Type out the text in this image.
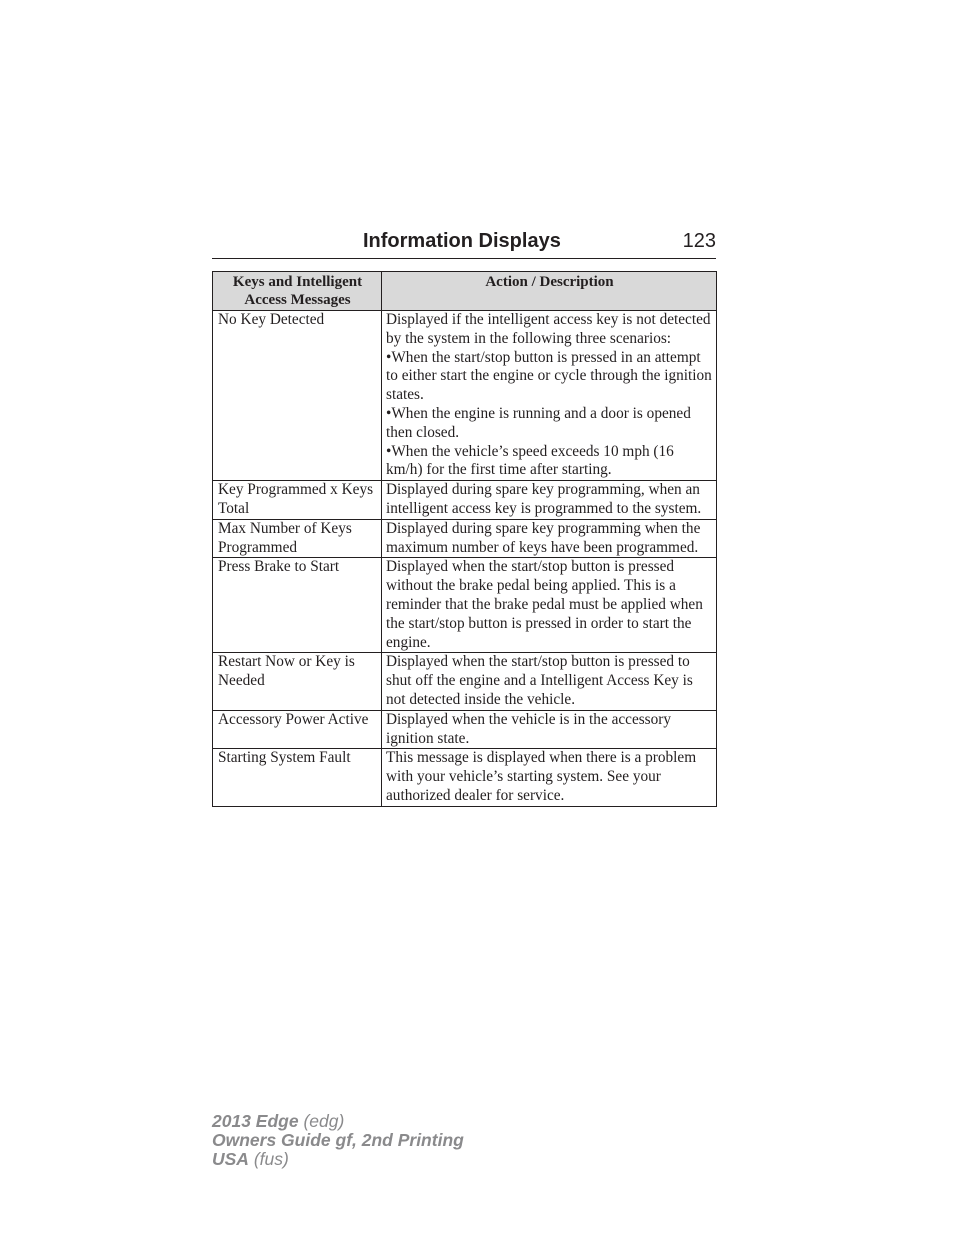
Information Displays	123
Keys and Intelligent
Access Messages	Action / Description
No Key Detected	Displayed if the intelligent access key is not detected by the system in the following three scenarios:
•When the start/stop button is pressed in an attempt to either start the engine or cycle through the ignition states.
•When the engine is running and a door is opened then closed.
•When the vehicle’s speed exceeds 10 mph (16 km/h) for the first time after starting.

Key Programmed x Keys Total	Displayed during spare key programming, when an intelligent access key is programmed to the system.
Max Number of Keys Programmed	Displayed during spare key programming when the maximum number of keys have been programmed.
Press Brake to Start	Displayed when the start/stop button is pressed without the brake pedal being applied. This is a reminder that the brake pedal must be applied when the start/stop button is pressed in order to start the engine.
Restart Now or Key is Needed	Displayed when the start/stop button is pressed to shut off the engine and a Intelligent Access Key is not detected inside the vehicle.
Accessory Power Active	Displayed when the vehicle is in the accessory ignition state.
Starting System Fault	This message is displayed when there is a problem with your vehicle’s starting system. See your authorized dealer for service.
2013 Edge (edg)
Owners Guide gf, 2nd Printing
USA (fus)
